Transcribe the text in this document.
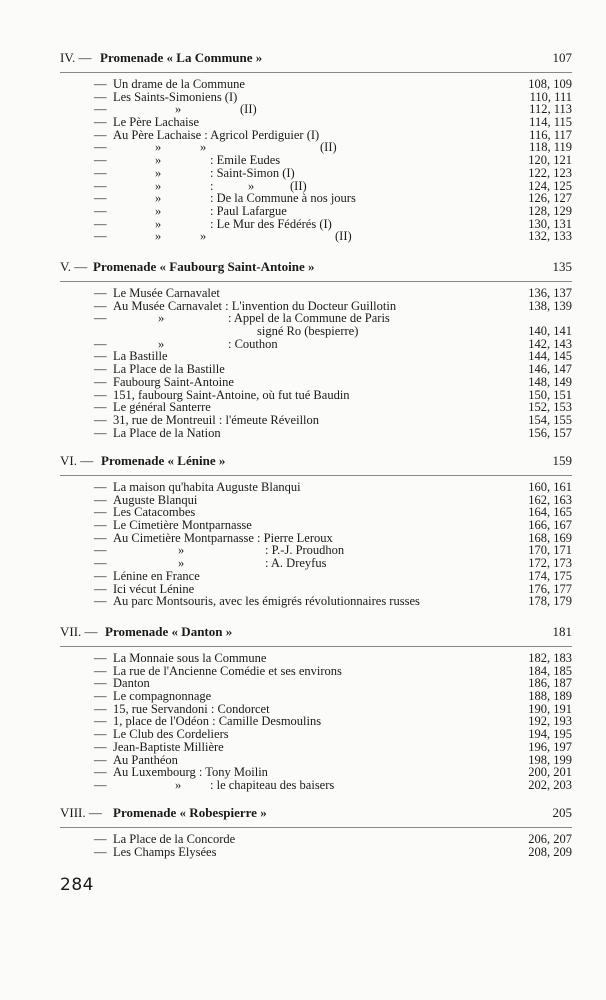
IV. — Promenade « La Commune »	107
— Un drame de la Commune	108, 109
— Les Saints-Simoniens (I)	110, 111
—	»	(II)	112, 113
— Le Père Lachaise	114, 115
— Au Père Lachaise : Agricol Perdiguier (I)	116, 117
—	»	»	(II)	118, 119
—	»	: Emile Eudes	120, 121
—	»	: Saint-Simon (I)	122, 123
—	»	:	»	(II)	124, 125
—	»	: De la Commune à nos jours	126, 127
—	»	: Paul Lafargue	128, 129
—	»	: Le Mur des Fédérés (I)	130, 131
—	»	»	(II)	132, 133
V. — Promenade « Faubourg Saint-Antoine »	135
— Le Musée Carnavalet	136, 137
— Au Musée Carnavalet : L'invention du Docteur Guillotin	138, 139
—	»	: Appel de la Commune de Paris
signé Ro (bespierre)	140, 141
—	»	: Couthon	142, 143
— La Bastille	144, 145
— La Place de la Bastille	146, 147
— Faubourg Saint-Antoine	148, 149
— 151, faubourg Saint-Antoine, où fut tué Baudin	150, 151
— Le général Santerre	152, 153
— 31, rue de Montreuil : l'émeute Réveillon	154, 155
— La Place de la Nation	156, 157
VI. — Promenade « Lénine »	159
— La maison qu'habita Auguste Blanqui	160, 161
— Auguste Blanqui	162, 163
— Les Catacombes	164, 165
— Le Cimetière Montparnasse	166, 167
— Au Cimetière Montparnasse : Pierre Leroux	168, 169
—	»	: P.-J. Proudhon	170, 171
—	»	: A. Dreyfus	172, 173
— Lénine en France	174, 175
— Ici vécut Lénine	176, 177
— Au parc Montsouris, avec les émigrés révolutionnaires russes	178, 179
VII. — Promenade « Danton »	181
— La Monnaie sous la Commune	182, 183
— La rue de l'Ancienne Comédie et ses environs	184, 185
— Danton	186, 187
— Le compagnonnage	188, 189
— 15, rue Servandoni : Condorcet	190, 191
— 1, place de l'Odéon : Camille Desmoulins	192, 193
— Le Club des Cordeliers	194, 195
— Jean-Baptiste Millière	196, 197
— Au Panthéon	198, 199
— Au Luxembourg : Tony Moilin	200, 201
—	» : le chapiteau des baisers	202, 203
VIII. — Promenade « Robespierre »	205
— La Place de la Concorde	206, 207
— Les Champs Elysées	208, 209
284
